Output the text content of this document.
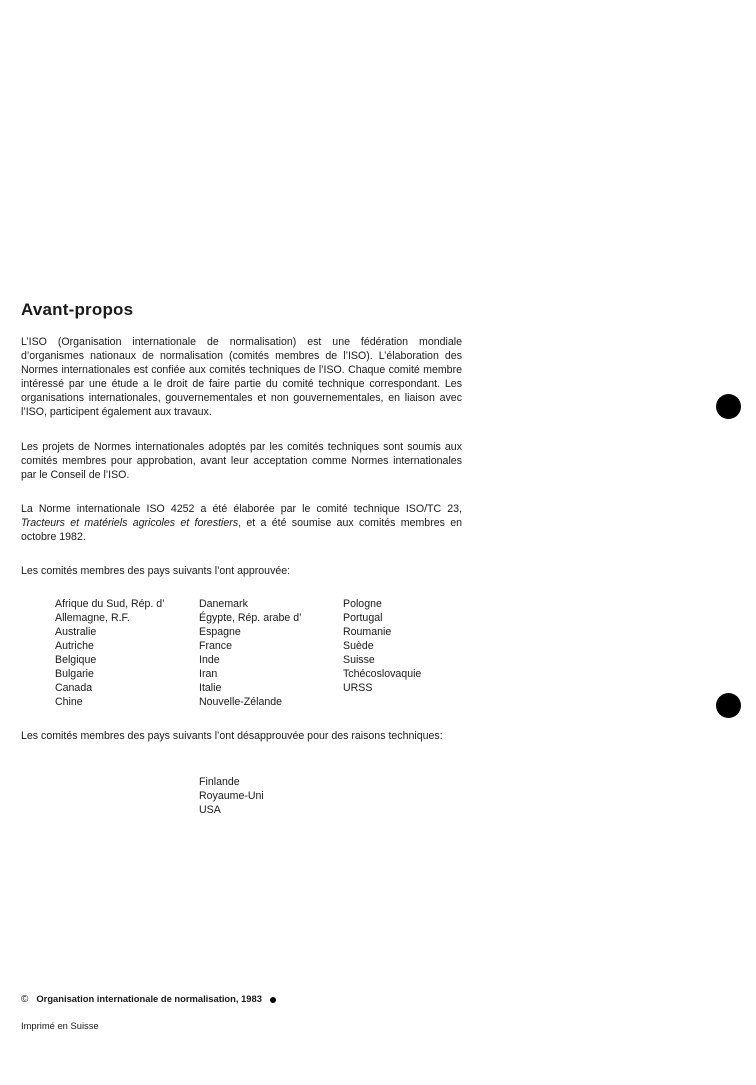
Avant-propos

L’ISO (Organisation internationale de normalisation) est une fédération mondiale d’organismes nationaux de normalisation (comités membres de l’ISO). L’élaboration des Normes internationales est confiée aux comités techniques de l’ISO. Chaque comité membre intéressé par une étude a le droit de faire partie du comité technique correspondant. Les organisations internationales, gouvernementales et non gouvernementales, en liaison avec l’ISO, participent également aux travaux.

Les projets de Normes internationales adoptés par les comités techniques sont soumis aux comités membres pour approbation, avant leur acceptation comme Normes internationales par le Conseil de l’ISO.

La Norme internationale ISO 4252 a été élaborée par le comité technique ISO/TC 23, Tracteurs et matériels agricoles et forestiers, et a été soumise aux comités membres en octobre 1982.

Les comités membres des pays suivants l’ont approuvée:

Afrique du Sud, Rép. d’
Allemagne, R.F.
Australie
Autriche
Belgique
Bulgarie
Canada
Chine
Danemark
Égypte, Rép. arabe d’
Espagne
France
Inde
Iran
Italie
Nouvelle-Zélande
Pologne
Portugal
Roumanie
Suède
Suisse
Tchécoslovaquie
URSS

Les comités membres des pays suivants l’ont désapprouvée pour des raisons techniques:

Finlande
Royaume-Uni
USA
© Organisation internationale de normalisation, 1983
Imprimé en Suisse
